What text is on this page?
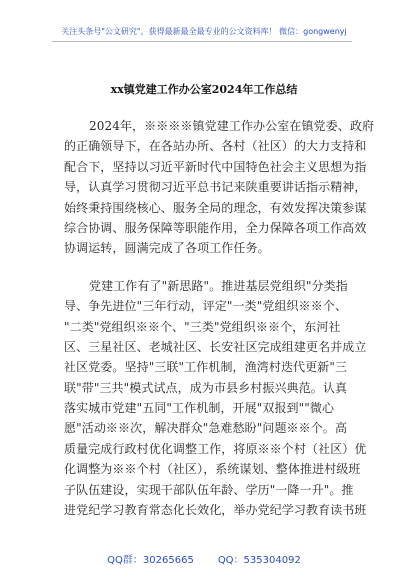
关注头条号"公文研究"，获得最新最全最专业的公文资料库！ 微信：gongwenyj
xx镇党建工作办公室2024年工作总结
2024年，※※※※镇党建工作办公室在镇党委、政府
的正确领导下，在各站办所、各村（社区）的大力支持和
配合下，坚持以习近平新时代中国特色社会主义思想为指
导，认真学习贯彻习近平总书记来陕重要讲话指示精神，
始终秉持围绕核心、服务全局的理念，有效发挥决策参谋
综合协调、服务保障等职能作用，全力保障各项工作高效
协调运转，圆满完成了各项工作任务。
党建工作有了"新思路"。推进基层党组织"分类指
导、争先进位"三年行动，评定"一类"党组织※※个、
"二类"党组织※※个、"三类"党组织※※个，东河社
区、三星社区、老城社区、长安社区完成组建更名并成立
社区党委。坚持"三联"工作机制，渔湾村迭代更新"三
联"带"三共"模式试点，成为市县乡村振兴典范。认真
落实城市党建"五同"工作机制，开展"双报到""微心
愿"活动※※次，解决群众"急难愁盼"问题※※个。高
质量完成行政村优化调整工作，将原※※个村（社区）优
化调整为※※个村（社区），系统谋划、整体推进村级班
子队伍建设，实现干部队伍年龄、学历"一降一升"。推
进党纪学习教育常态化长效化，举办党纪学习教育读书班
QQ群：30265665 QQ：535304092
